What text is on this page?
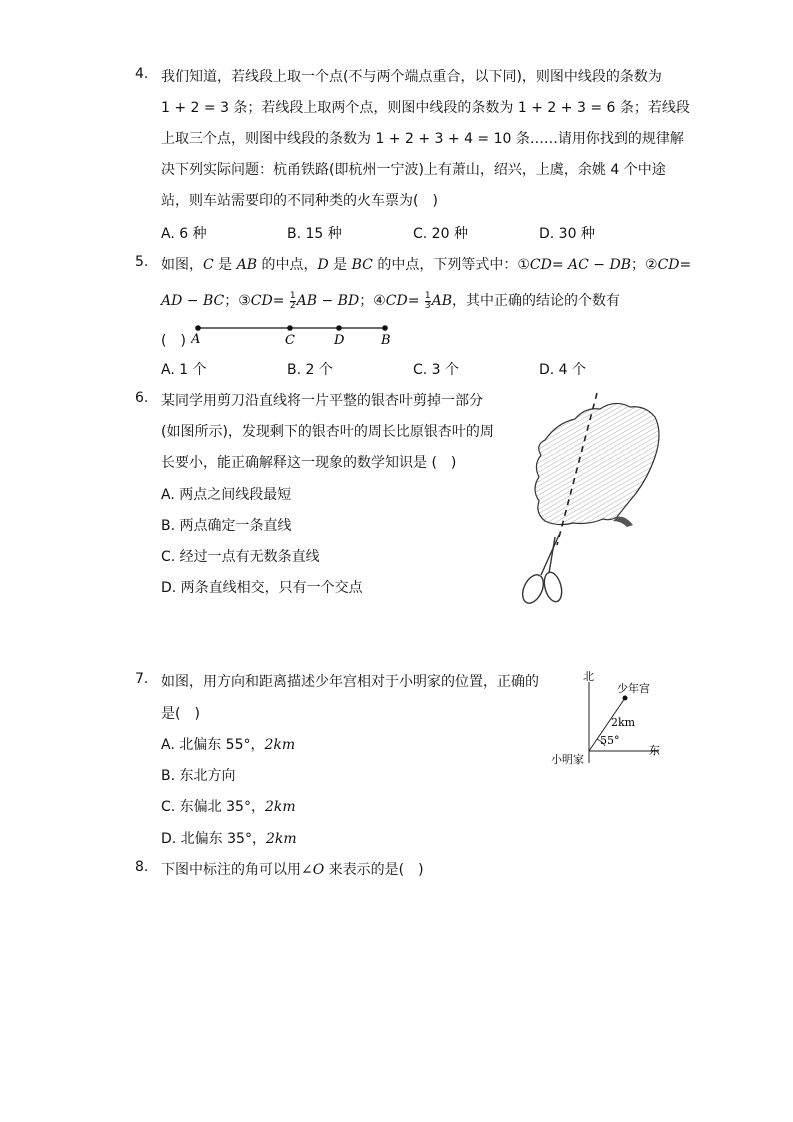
4. 我们知道，若线段上取一个点(不与两个端点重合，以下同)，则图中线段的条数为
1 + 2 = 3 条；若线段上取两个点，则图中线段的条数为 1 + 2 + 3 = 6 条；若线段
上取三个点，则图中线段的条数为 1 + 2 + 3 + 4 = 10 条……请用你找到的规律解
决下列实际问题：杭甬铁路(即杭州一宁波)上有萧山，绍兴，上虞，余姚 4 个中途
站，则车站需要印的不同种类的火车票为(　)
A. 6 种	B. 15 种	C. 20 种	D. 30 种
5. 如图，C 是 AB 的中点，D 是 BC 的中点，下列等式中：①CD= AC − DB；②CD=
AD − BC；③CD= $\frac{1}{2}$ AB − BD；④CD= $\frac{1}{3}$ AB，其中正确的结论的个数有
(　) A	C	D	B
A. 1 个	B. 2 个	C. 3 个	D. 4 个
6. 某同学用剪刀沿直线将一片平整的银杏叶剪掉一部分
(如图所示)，发现剩下的银杏叶的周长比原银杏叶的周
长要小，能正确解释这一现象的数学知识是 (　)
A. 两点之间线段最短
B. 两点确定一条直线
C. 经过一点有无数条直线
D. 两条直线相交，只有一个交点
7. 如图，用方向和距离描述少年宫相对于小明家的位置，正确的
是(　)
A. 北偏东 55°，2km
B. 东北方向
C. 东偏北 35°，2km
D. 北偏东 35°，2km
北
少年宫
2km
55°
东
小明家
8. 下图中标注的角可以用∠O 来表示的是(　)
